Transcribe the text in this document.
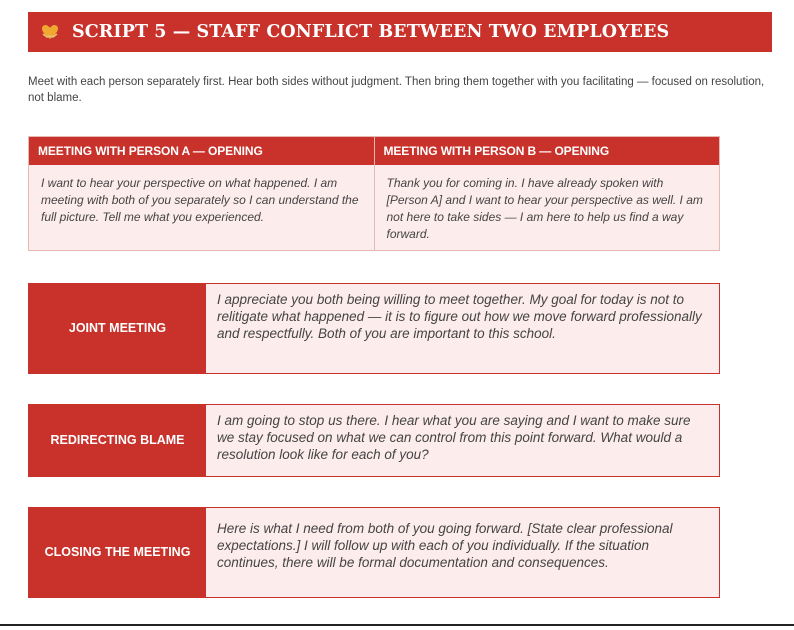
SCRIPT 5 — STAFF CONFLICT BETWEEN TWO EMPLOYEES

Meet with each person separately first. Hear both sides without judgment. Then bring them together with you facilitating — focused on resolution, not blame.

MEETING WITH PERSON A — OPENING
I want to hear your perspective on what happened. I am meeting with both of you separately so I can understand the full picture. Tell me what you experienced.
MEETING WITH PERSON B — OPENING
Thank you for coming in. I have already spoken with [Person A] and I want to hear your perspective as well. I am not here to take sides — I am here to help us find a way forward.
JOINT MEETING
I appreciate you both being willing to meet together. My goal for today is not to relitigate what happened — it is to figure out how we move forward professionally and respectfully. Both of you are important to this school.
REDIRECTING BLAME
I am going to stop us there. I hear what you are saying and I want to make sure we stay focused on what we can control from this point forward. What would a resolution look like for each of you?
CLOSING THE MEETING
Here is what I need from both of you going forward. [State clear professional expectations.] I will follow up with each of you individually. If the situation continues, there will be formal documentation and consequences.
